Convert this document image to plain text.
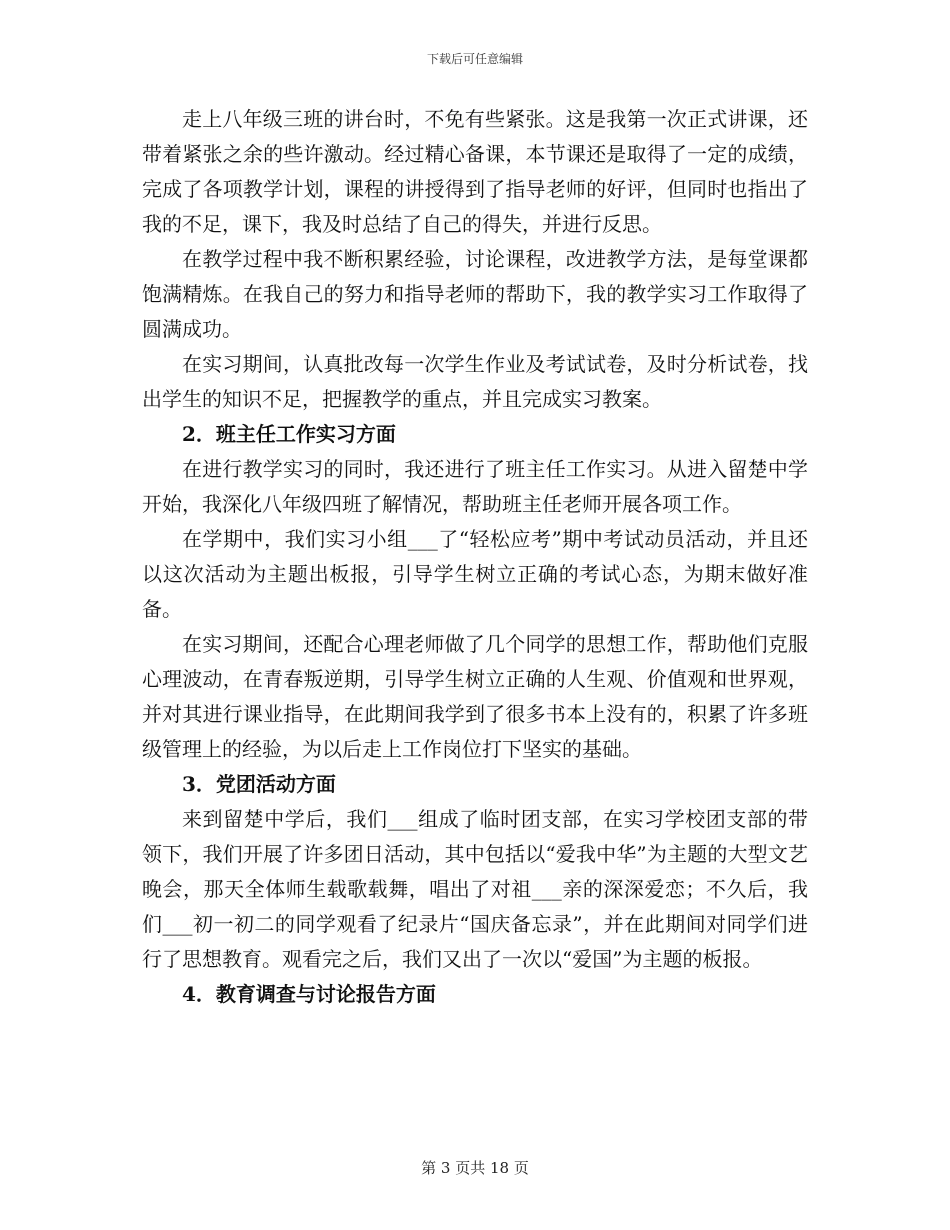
下载后可任意编辑

走上八年级三班的讲台时，不免有些紧张。这是我第一次正式讲课，还带着紧张之余的些许激动。经过精心备课，本节课还是取得了一定的成绩，完成了各项教学计划，课程的讲授得到了指导老师的好评，但同时也指出了我的不足，课下，我及时总结了自己的得失，并进行反思。

在教学过程中我不断积累经验，讨论课程，改进教学方法，是每堂课都饱满精炼。在我自己的努力和指导老师的帮助下，我的教学实习工作取得了圆满成功。

在实习期间，认真批改每一次学生作业及考试试卷，及时分析试卷，找出学生的知识不足，把握教学的重点，并且完成实习教案。

2．班主任工作实习方面

在进行教学实习的同时，我还进行了班主任工作实习。从进入留楚中学开始，我深化八年级四班了解情况，帮助班主任老师开展各项工作。

在学期中，我们实习小组___了“轻松应考”期中考试动员活动，并且还以这次活动为主题出板报，引导学生树立正确的考试心态，为期末做好准备。

在实习期间，还配合心理老师做了几个同学的思想工作，帮助他们克服心理波动，在青春叛逆期，引导学生树立正确的人生观、价值观和世界观，并对其进行课业指导，在此期间我学到了很多书本上没有的，积累了许多班级管理上的经验，为以后走上工作岗位打下坚实的基础。

3．党团活动方面

来到留楚中学后，我们___组成了临时团支部，在实习学校团支部的带领下，我们开展了许多团日活动，其中包括以“爱我中华”为主题的大型文艺晚会，那天全体师生载歌载舞，唱出了对祖___亲的深深爱恋；不久后，我们___初一初二的同学观看了纪录片“国庆备忘录”，并在此期间对同学们进行了思想教育。观看完之后，我们又出了一次以“爱国”为主题的板报。

4．教育调查与讨论报告方面

第 3 页共 18 页
